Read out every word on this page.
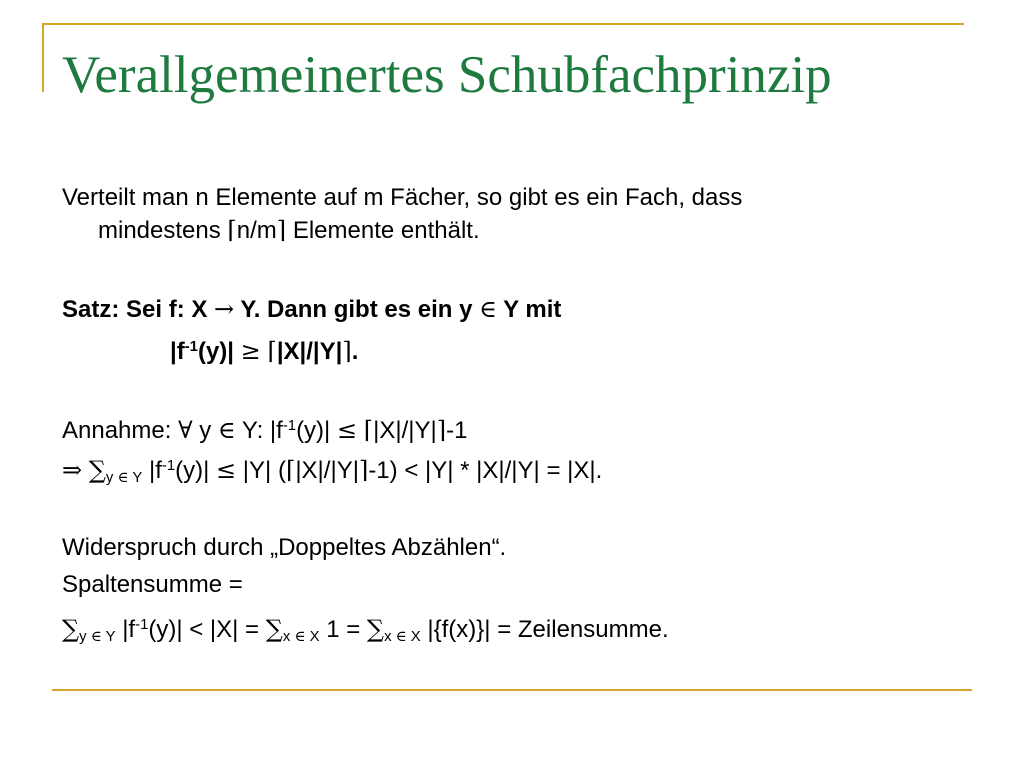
Verallgemeinertes Schubfachprinzip
Verteilt man n Elemente auf m Fächer, so gibt es ein Fach, dass
mindestens ⌈n/m⌉ Elemente enthält.
Satz: Sei f: X → Y. Dann gibt es ein y ∈ Y mit
$|f^{-1}(y)|$ ≥ ⌈|X|/|Y|⌉.
Annahme: ∀ y ∈ Y: $|f^{-1}(y)|$ ≤ ⌈|X|/|Y|⌉-1
⇒ $\sum_{y \in Y}$ $|f^{-1}(y)| \le |Y|$ (⌈|X|/|Y|⌉-1) < |Y| * |X|/|Y| = |X|.
Widerspruch durch „Doppeltes Abzählen“.
Spaltensumme =
$\sum_{y \in Y}$ $|f^{-1}(y)| < |X| = \sum_{x \in X}$ $1 = \sum_{x \in X}$ |{f(x)}| = Zeilensumme.
